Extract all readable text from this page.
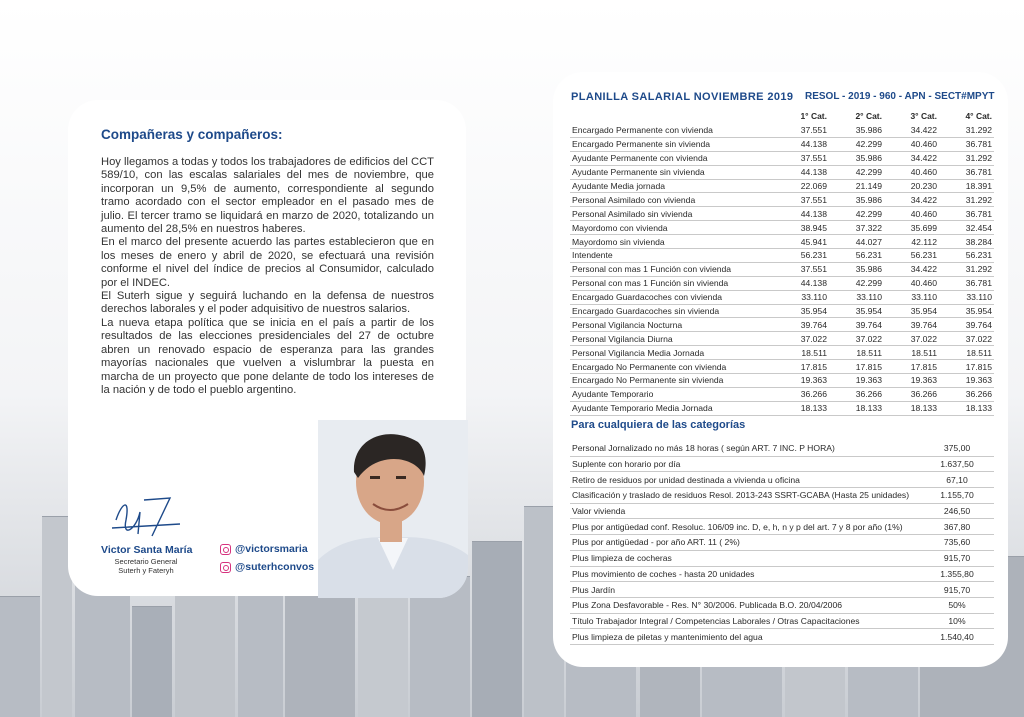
Compañeras y compañeros:

Hoy llegamos a todas y todos los trabajadores de edificios del CCT 589/10, con las escalas salariales del mes de noviembre, que incorporan un 9,5% de aumento, correspondiente al segundo tramo acordado con el sector empleador en el pasado mes de julio. El tercer tramo se liquidará en marzo de 2020, totalizando un aumento del 28,5% en nuestros haberes.

En el marco del presente acuerdo las partes establecieron que en los meses de enero y abril de 2020, se efectuará una revisión conforme el nivel del índice de precios al Consumidor, calculado por el INDEC.

El Suterh sigue y seguirá luchando en la defensa de nuestros derechos laborales y el poder adquisitivo de nuestros salarios.

La nueva etapa política que se inicia en el país a partir de los resultados de las elecciones presidenciales del 27 de octubre abren un renovado espacio de esperanza para las grandes mayorías nacionales que vuelven a vislumbrar la puesta en marcha de un proyecto que pone delante de todo los intereses de la nación y de todo el pueblo argentino.

Victor Santa María
Secretario General
Suterh y Fateryh
@victorsmaria
@suterhconvos
PLANILLA SALARIAL NOVIEMBRE 2019 RESOL - 2019 - 960 - APN - SECT#MPYT
	1° Cat.	2° Cat.	3° Cat.	4° Cat.
Encargado Permanente con vivienda	37.551	35.986	34.422	31.292
Encargado Permanente sin vivienda	44.138	42.299	40.460	36.781
Ayudante Permanente con vivienda	37.551	35.986	34.422	31.292
Ayudante Permanente sin vivienda	44.138	42.299	40.460	36.781
Ayudante Media jornada	22.069	21.149	20.230	18.391
Personal Asimilado con vivienda	37.551	35.986	34.422	31.292
Personal Asimilado sin vivienda	44.138	42.299	40.460	36.781
Mayordomo con vivienda	38.945	37.322	35.699	32.454
Mayordomo sin vivienda	45.941	44.027	42.112	38.284
Intendente	56.231	56.231	56.231	56.231
Personal con mas 1 Función con vivienda	37.551	35.986	34.422	31.292
Personal con mas 1 Función sin vivienda	44.138	42.299	40.460	36.781
Encargado Guardacoches con vivienda	33.110	33.110	33.110	33.110
Encargado Guardacoches sin vivienda	35.954	35.954	35.954	35.954
Personal Vigilancia Nocturna	39.764	39.764	39.764	39.764
Personal Vigilancia Diurna	37.022	37.022	37.022	37.022
Personal Vigilancia Media Jornada	18.511	18.511	18.511	18.511
Encargado No Permanente con vivienda	17.815	17.815	17.815	17.815
Encargado No Permanente sin vivienda	19.363	19.363	19.363	19.363
Ayudante Temporario	36.266	36.266	36.266	36.266
Ayudante Temporario Media Jornada	18.133	18.133	18.133	18.133
Para cualquiera de las categorías
Personal Jornalizado no más 18 horas ( según ART. 7 INC. P HORA)	375,00
Suplente con horario por día	1.637,50
Retiro de residuos por unidad destinada a vivienda u oficina	67,10
Clasificación y traslado de residuos Resol. 2013-243 SSRT-GCABA (Hasta 25 unidades)	1.155,70
Valor vivienda	246,50
Plus por antigüedad conf. Resoluc. 106/09 inc. D, e, h, n y p del art. 7 y 8 por año (1%)	367,80
Plus por antigüedad - por año ART. 11 ( 2%)	735,60
Plus limpieza de cocheras	915,70
Plus movimiento de coches - hasta 20 unidades	1.355,80
Plus Jardín	915,70
Plus Zona Desfavorable - Res. N° 30/2006. Publicada B.O. 20/04/2006	50%
Título Trabajador Integral / Competencias Laborales / Otras Capacitaciones	10%
Plus limpieza de piletas y mantenimiento del agua	1.540,40
